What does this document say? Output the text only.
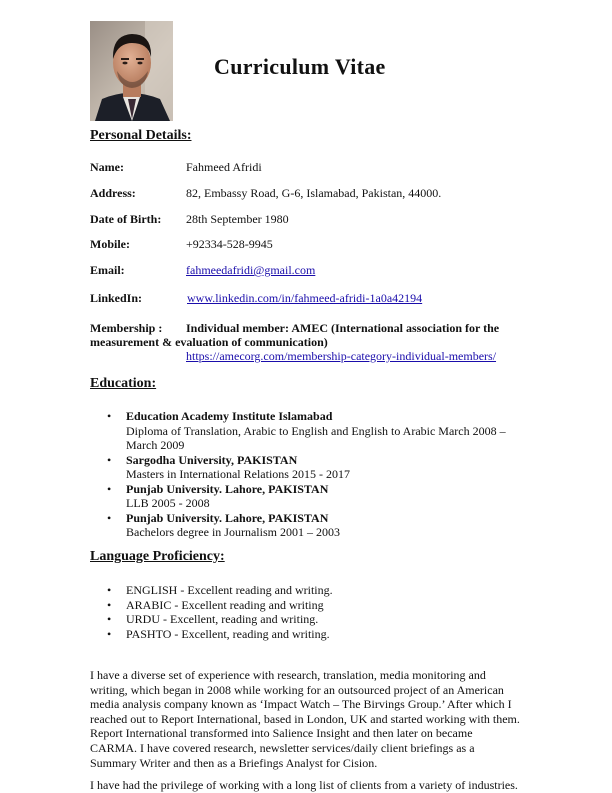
Curriculum Vitae
Personal Details:
Name:	Fahmeed Afridi
Address:	82, Embassy Road, G-6, Islamabad, Pakistan, 44000.
Date of Birth: 28th September 1980
Mobile:	+92334-528-9945
Email:	fahmeedafridi@gmail.com
LinkedIn:	www.linkedin.com/in/fahmeed-afridi-1a0a42194
Membership : Individual member: AMEC (International association for the
measurement & evaluation of communication)
https://amecorg.com/membership-category-individual-members/
Education:
• Education Academy Institute Islamabad
Diploma of Translation, Arabic to English and English to Arabic March 2008 –
March 2009
• Sargodha University, PAKISTAN
Masters in International Relations 2015 - 2017
• Punjab University. Lahore, PAKISTAN
LLB 2005 - 2008
• Punjab University. Lahore, PAKISTAN
Bachelors degree in Journalism 2001 – 2003
Language Proficiency:
• ENGLISH - Excellent reading and writing.
• ARABIC - Excellent reading and writing
• URDU - Excellent, reading and writing.
• PASHTO - Excellent, reading and writing.
I have a diverse set of experience with research, translation, media monitoring and
writing, which began in 2008 while working for an outsourced project of an American
media analysis company known as ‘Impact Watch – The Birvings Group.’ After which I
reached out to Report International, based in London, UK and started working with them.
Report International transformed into Salience Insight and then later on became
CARMA. I have covered research, newsletter services/daily client briefings as a
Summary Writer and then as a Briefings Analyst for Cision.
I have had the privilege of working with a long list of clients from a variety of industries.
